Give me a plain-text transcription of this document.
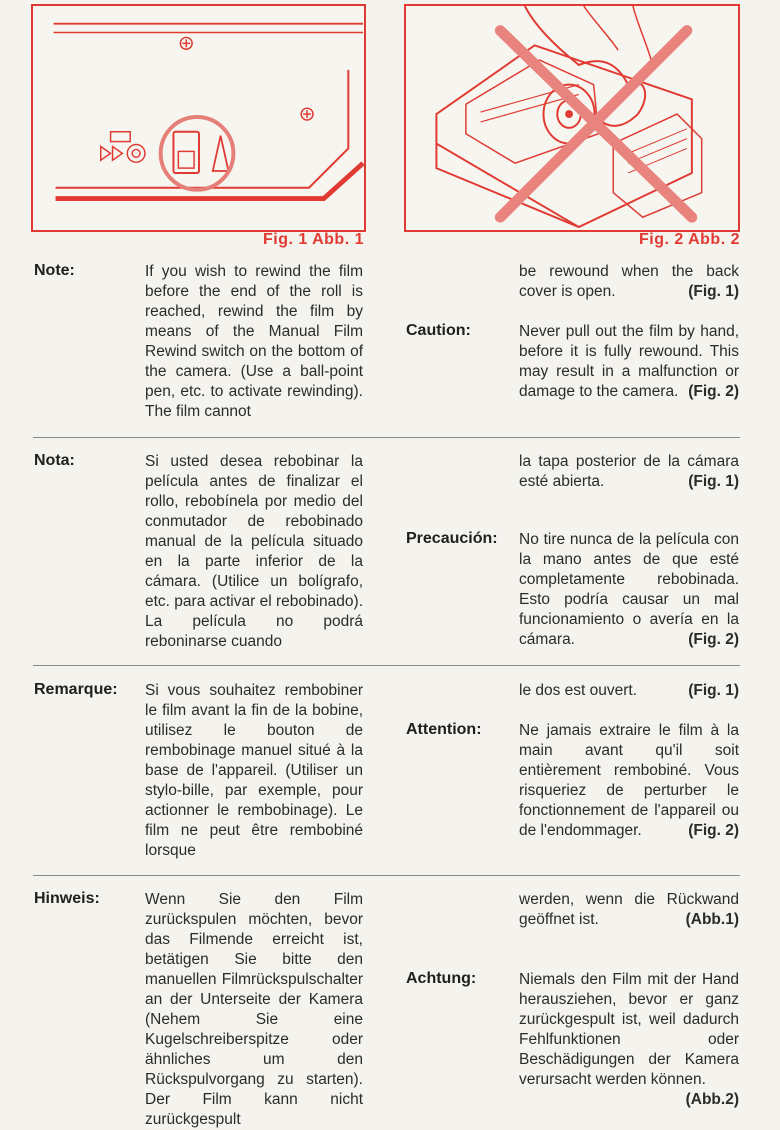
Fig. 1 Abb. 1	Fig. 2 Abb. 2
Note:	If you wish to rewind the film before the end of the roll is reached, rewind the film by means of the Manual Film Rewind switch on the bottom of the camera. (Use a ball-point pen, etc. to activate rewinding). The film cannot
be rewound when the back cover is open.	(Fig. 1)
Caution:	Never pull out the film by hand, before it is fully rewound. This may result in a malfunction or damage to the camera. (Fig. 2)
Nota:	Si usted desea rebobinar la película antes de finalizar el rollo, rebobínela por medio del conmutador de rebobinado manual de la película situado en la parte inferior de la cámara. (Utilice un bolígrafo, etc. para activar el rebobinado). La película no podrá reboninarse cuando
la tapa posterior de la cámara esté abierta.	(Fig. 1)
Precaución: No tire nunca de la película con la mano antes de que esté completamente rebobinada. Esto podría causar un mal funcionamiento o avería en la cámara.	(Fig. 2)
Remarque: Si vous souhaitez rembobiner le film avant la fin de la bobine, utilisez le bouton de rembobinage manuel situé à la base de l'appareil. (Utiliser un stylo-bille, par exemple, pour actionner le rembobinage). Le film ne peut être rembobiné lorsque
le dos est ouvert.	(Fig. 1)
Attention: Ne jamais extraire le film à la main avant qu'il soit entièrement rembobiné. Vous risqueriez de perturber le fonctionnement de l'appareil ou de l'endommager.	(Fig. 2)
Hinweis:	Wenn Sie den Film zurückspulen möchten, bevor das Filmende erreicht ist, betätigen Sie bitte den manuellen Filmrückspulschalter an der Unterseite der Kamera (Nehem Sie eine Kugelschreiberspitze oder ähnliches um den Rückspulvorgang zu starten). Der Film kann nicht zurückgespult
werden, wenn die Rückwand geöffnet ist.	(Abb.1)
Achtung:	Niemals den Film mit der Hand herausziehen, bevor er ganz zurückgespult ist, weil dadurch Fehlfunktionen oder Beschädigungen der Kamera verursacht werden können.
(Abb.2)
